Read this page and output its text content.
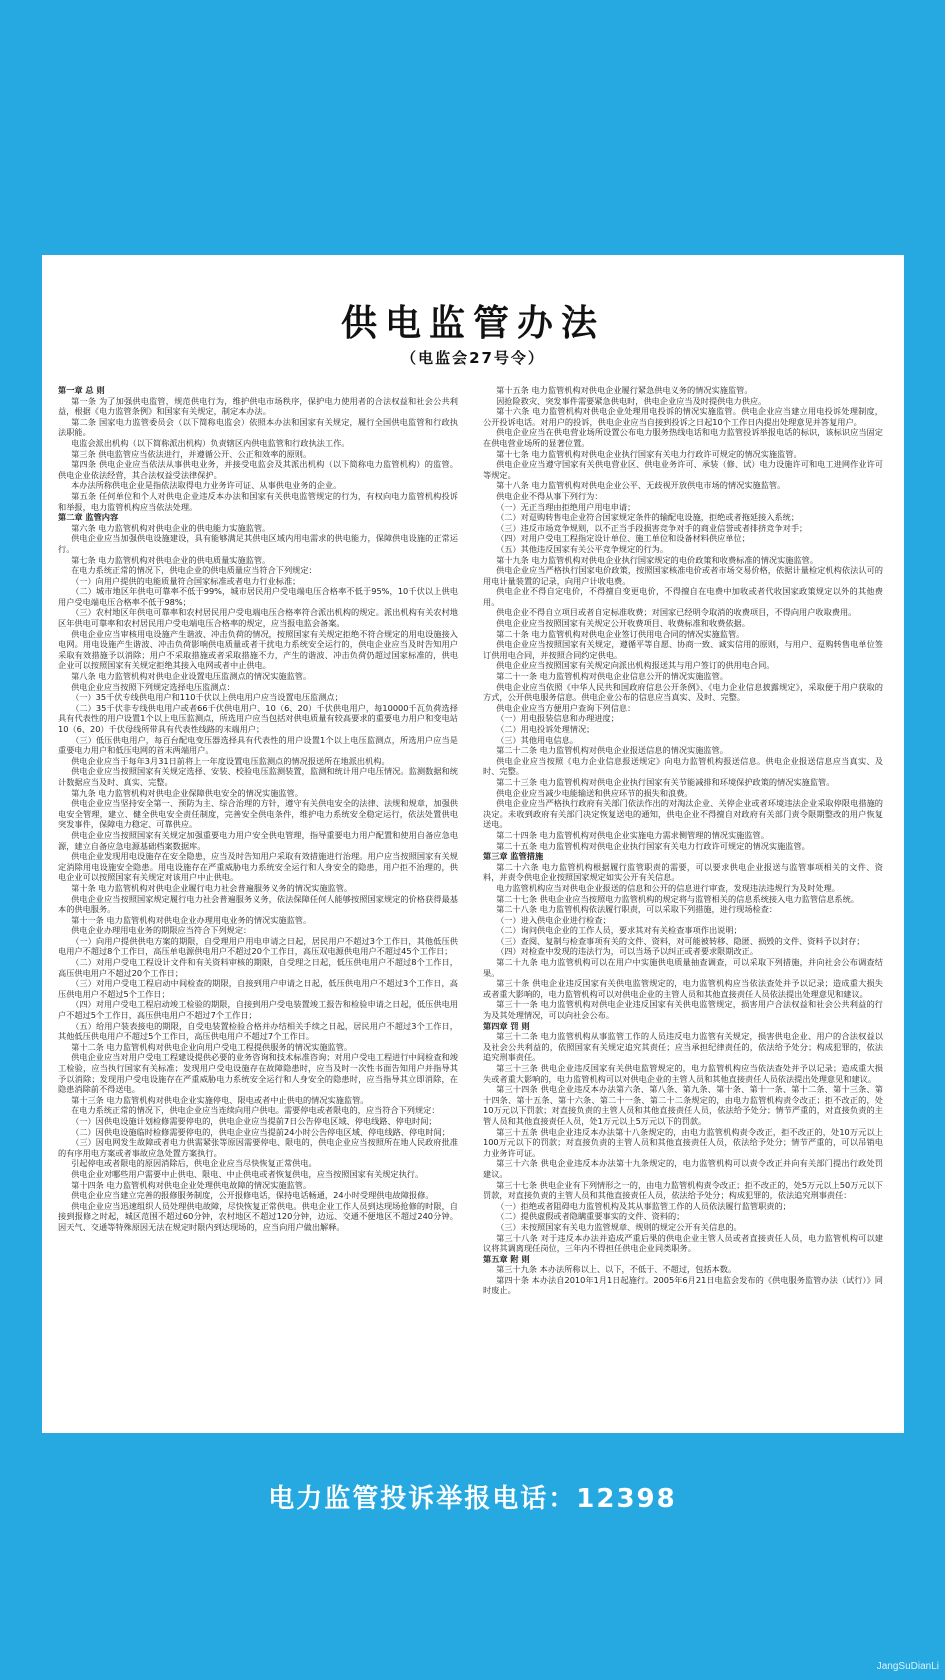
供电监管办法
（电监会27号令）

第一章 总 则

第一条 为了加强供电监管，规范供电行为，维护供电市场秩序，保护电力使用者的合法权益和社会公共利益，根据《电力监管条例》和国家有关规定，制定本办法。

第二条 国家电力监管委员会（以下简称电监会）依照本办法和国家有关规定，履行全国供电监管和行政执法职能。

电监会派出机构（以下简称派出机构）负责辖区内供电监管和行政执法工作。

第三条 供电监管应当依法进行，并遵循公开、公正和效率的原则。

第四条 供电企业应当依法从事供电业务，并接受电监会及其派出机构（以下简称电力监管机构）的监管。供电企业依法经营，其合法权益受法律保护。

本办法所称供电企业是指依法取得电力业务许可证、从事供电业务的企业。

第五条 任何单位和个人对供电企业违反本办法和国家有关供电监管规定的行为，有权向电力监管机构投诉和举报，电力监管机构应当依法处理。

第二章 监管内容

第六条 电力监管机构对供电企业的供电能力实施监管。

供电企业应当加强供电设施建设，具有能够满足其供电区域内用电需求的供电能力，保障供电设施的正常运行。

第七条 电力监管机构对供电企业的供电质量实施监管。

在电力系统正常的情况下，供电企业的供电质量应当符合下列规定：

（一）向用户提供的电能质量符合国家标准或者电力行业标准；

（二）城市地区年供电可靠率不低于99%，城市居民用户受电端电压合格率不低于95%，10千伏以上供电用户受电端电压合格率不低于98%；

（三）农村地区年供电可靠率和农村居民用户受电端电压合格率符合派出机构的规定。派出机构有关农村地区年供电可靠率和农村居民用户受电端电压合格率的规定，应当报电监会备案。

供电企业应当审核用电设施产生谐波、冲击负荷的情况，按照国家有关规定拒绝不符合规定的用电设施接入电网。用电设施产生谐波、冲击负荷影响供电质量或者干扰电力系统安全运行的，供电企业应当及时告知用户采取有效措施予以消除；用户不采取措施或者采取措施不力，产生的谐波、冲击负荷仍超过国家标准的，供电企业可以按照国家有关规定拒绝其接入电网或者中止供电。

第八条 电力监管机构对供电企业设置电压监测点的情况实施监管。

供电企业应当按照下列规定选择电压监测点：

（一）35千伏专线供电用户和110千伏以上供电用户应当设置电压监测点；

（二）35千伏非专线供电用户或者66千伏供电用户、10（6、20）千伏供电用户，每10000千瓦负荷选择具有代表性的用户设置1个以上电压监测点，所选用户应当包括对供电质量有较高要求的重要电力用户和变电站10（6、20）千伏母线所带具有代表性线路的末端用户；

（三）低压供电用户，每百台配电变压器选择具有代表性的用户设置1个以上电压监测点，所选用户应当是重要电力用户和低压电网的首末两端用户。

供电企业应当于每年3月31日前将上一年度设置电压监测点的情况报送所在地派出机构。

供电企业应当按照国家有关规定选择、安装、校验电压监测装置，监测和统计用户电压情况。监测数据和统计数据应当及时、真实、完整。

第九条 电力监管机构对供电企业保障供电安全的情况实施监管。

供电企业应当坚持安全第一、预防为主、综合治理的方针，遵守有关供电安全的法律、法规和规章，加强供电安全管理，建立、健全供电安全责任制度，完善安全供电条件，维护电力系统安全稳定运行，依法处置供电突发事件，保障电力稳定、可靠供应。

供电企业应当按照国家有关规定加强重要电力用户安全供电管理，指导重要电力用户配置和使用自备应急电源，建立自备应急电源基础档案数据库。

供电企业发现用电设施存在安全隐患，应当及时告知用户采取有效措施进行治理。用户应当按照国家有关规定消除用电设施安全隐患。用电设施存在严重威胁电力系统安全运行和人身安全的隐患，用户拒不治理的，供电企业可以按照国家有关规定对该用户中止供电。

第十条 电力监管机构对供电企业履行电力社会普遍服务义务的情况实施监管。

供电企业应当按照国家规定履行电力社会普遍服务义务，依法保障任何人能够按照国家规定的价格获得最基本的供电服务。

第十一条 电力监管机构对供电企业办理用电业务的情况实施监管。

供电企业办理用电业务的期限应当符合下列规定：

（一）向用户提供供电方案的期限，自受理用户用电申请之日起，居民用户不超过3个工作日，其他低压供电用户不超过8个工作日，高压单电源供电用户不超过20个工作日，高压双电源供电用户不超过45个工作日；

（二）对用户受电工程设计文件和有关资料审核的期限，自受理之日起，低压供电用户不超过8个工作日，高压供电用户不超过20个工作日；

（三）对用户受电工程启动中间检查的期限，自接到用户申请之日起，低压供电用户不超过3个工作日，高压供电用户不超过5个工作日；

（四）对用户受电工程启动竣工检验的期限，自接到用户受电装置竣工报告和检验申请之日起，低压供电用户不超过5个工作日，高压供电用户不超过7个工作日；

（五）给用户装表接电的期限，自受电装置检验合格并办结相关手续之日起，居民用户不超过3个工作日，其他低压供电用户不超过5个工作日，高压供电用户不超过7个工作日。

第十二条 电力监管机构对供电企业向用户受电工程提供服务的情况实施监管。

供电企业应当对用户受电工程建设提供必要的业务咨询和技术标准咨询；对用户受电工程进行中间检查和竣工检验，应当执行国家有关标准；发现用户受电设施存在故障隐患时，应当及时一次性书面告知用户并指导其予以消除；发现用户受电设施存在严重威胁电力系统安全运行和人身安全的隐患时，应当指导其立即消除，在隐患消除前不得送电。

第十三条 电力监管机构对供电企业实施停电、限电或者中止供电的情况实施监管。

在电力系统正常的情况下，供电企业应当连续向用户供电。需要停电或者限电的，应当符合下列规定：

（一）因供电设施计划检修需要停电的，供电企业应当提前7日公告停电区域、停电线路、停电时间；

（二）因供电设施临时检修需要停电的，供电企业应当提前24小时公告停电区域、停电线路、停电时间；

（三）因电网发生故障或者电力供需紧张等原因需要停电、限电的，供电企业应当按照所在地人民政府批准的有序用电方案或者事故应急处置方案执行。

引起停电或者限电的原因消除后，供电企业应当尽快恢复正常供电。

供电企业对哪些用户需要中止供电、限电、中止供电或者恢复供电，应当按照国家有关规定执行。

第十四条 电力监管机构对供电企业处理供电故障的情况实施监管。

供电企业应当建立完善的报修服务制度，公开报修电话，保持电话畅通，24小时受理供电故障报修。

供电企业应当迅速组织人员处理供电故障，尽快恢复正常供电。供电企业工作人员到达现场抢修的时限，自接到报修之时起，城区范围不超过60分钟，农村地区不超过120分钟，边远、交通不便地区不超过240分钟。因天气、交通等特殊原因无法在规定时限内到达现场的，应当向用户做出解释。

第十五条 电力监管机构对供电企业履行紧急供电义务的情况实施监管。

因抢险救灾、突发事件需要紧急供电时，供电企业应当及时提供电力供应。

第十六条 电力监管机构对供电企业处理用电投诉的情况实施监管。供电企业应当建立用电投诉处理制度，公开投诉电话。对用户的投诉，供电企业应当自接到投诉之日起10个工作日内提出处理意见并答复用户。

供电企业应当在供电营业场所设置公布电力服务热线电话和电力监管投诉举报电话的标识，该标识应当固定在供电营业场所的显著位置。

第十七条 电力监管机构对供电企业执行国家有关电力行政许可规定的情况实施监管。

供电企业应当遵守国家有关供电营业区、供电业务许可、承装（修、试）电力设施许可和电工进网作业许可等规定。

第十八条 电力监管机构对供电企业公平、无歧视开放供电市场的情况实施监管。

供电企业不得从事下列行为：

（一）无正当理由拒绝用户用电申请；

（二）对趸购转售电企业符合国家规定条件的输配电设施，拒绝或者拖延接入系统；

（三）违反市场竞争规则，以不正当手段损害竞争对手的商业信誉或者排挤竞争对手；

（四）对用户受电工程指定设计单位、施工单位和设备材料供应单位；

（五）其他违反国家有关公平竞争规定的行为。

第十九条 电力监管机构对供电企业执行国家规定的电价政策和收费标准的情况实施监管。

供电企业应当严格执行国家电价政策，按照国家核准电价或者市场交易价格，依据计量检定机构依法认可的用电计量装置的记录，向用户计收电费。

供电企业不得自定电价，不得擅自变更电价，不得擅自在电费中加收或者代收国家政策规定以外的其他费用。

供电企业不得自立项目或者自定标准收费；对国家已经明令取消的收费项目，不得向用户收取费用。

供电企业应当按照国家有关规定公开收费项目、收费标准和收费依据。

第二十条 电力监管机构对供电企业签订供用电合同的情况实施监管。

供电企业应当按照国家有关规定，遵循平等自愿、协商一致、诚实信用的原则，与用户、趸购转售电单位签订供用电合同，并按照合同约定供电。

供电企业应当按照国家有关规定向派出机构报送其与用户签订的供用电合同。

第二十一条 电力监管机构对供电企业信息公开的情况实施监管。

供电企业应当依照《中华人民共和国政府信息公开条例》、《电力企业信息披露规定》，采取便于用户获取的方式，公开供电服务信息。供电企业公布的信息应当真实、及时、完整。

供电企业应当方便用户查询下列信息：

（一）用电报装信息和办理进度；

（二）用电投诉处理情况；

（三）其他用电信息。

第二十二条 电力监管机构对供电企业报送信息的情况实施监管。

供电企业应当按照《电力企业信息报送规定》向电力监管机构报送信息。供电企业报送信息应当真实、及时、完整。

第二十三条 电力监管机构对供电企业执行国家有关节能减排和环境保护政策的情况实施监管。

供电企业应当减少电能输送和供应环节的损失和浪费。

供电企业应当严格执行政府有关部门依法作出的对淘汰企业、关停企业或者环境违法企业采取停限电措施的决定。未收到政府有关部门决定恢复送电的通知，供电企业不得擅自对政府有关部门责令限期整改的用户恢复送电。

第二十四条 电力监管机构对供电企业实施电力需求侧管理的情况实施监管。

第二十五条 电力监管机构对供电企业执行国家有关电力行政许可规定的情况实施监管。

第三章 监管措施

第二十六条 电力监管机构根据履行监管职责的需要，可以要求供电企业报送与监管事项相关的文件、资料，并责令供电企业按照国家规定如实公开有关信息。

电力监管机构应当对供电企业报送的信息和公开的信息进行审查，发现违法违规行为及时处理。

第二十七条 供电企业应当按照电力监管机构的规定将与监管相关的信息系统接入电力监管信息系统。

第二十八条 电力监管机构依法履行职责，可以采取下列措施，进行现场检查：

（一）进入供电企业进行检查；

（二）询问供电企业的工作人员，要求其对有关检查事项作出说明；

（三）查阅、复制与检查事项有关的文件、资料，对可能被转移、隐匿、损毁的文件、资料予以封存；

（四）对检查中发现的违法行为，可以当场予以纠正或者要求限期改正。

第二十九条 电力监管机构可以在用户中实施供电质量抽查调查，可以采取下列措施，并向社会公布调查结果。

第三十条 供电企业违反国家有关供电监管规定的，电力监管机构应当依法查处并予以记录；造成重大损失或者重大影响的，电力监管机构可以对供电企业的主管人员和其他直接责任人员依法提出处理意见和建议。

第三十一条 电力监管机构对供电企业违反国家有关供电监管规定，损害用户合法权益和社会公共利益的行为及其处理情况，可以向社会公布。

第四章 罚 则

第三十二条 电力监管机构从事监管工作的人员违反电力监管有关规定，损害供电企业、用户的合法权益以及社会公共利益的，依照国家有关规定追究其责任；应当承担纪律责任的，依法给予处分；构成犯罪的，依法追究刑事责任。

第三十三条 供电企业违反国家有关供电监管规定的，电力监管机构应当依法查处并予以记录；造成重大损失或者重大影响的，电力监管机构可以对供电企业的主管人员和其他直接责任人员依法提出处理意见和建议。

第三十四条 供电企业违反本办法第六条、第八条、第九条、第十条、第十一条、第十二条、第十三条、第十四条、第十五条、第十六条、第二十一条、第二十二条规定的，由电力监管机构责令改正；拒不改正的，处10万元以下罚款；对直接负责的主管人员和其他直接责任人员，依法给予处分；情节严重的，对直接负责的主管人员和其他直接责任人员，处1万元以上5万元以下的罚款。

第三十五条 供电企业违反本办法第十八条规定的，由电力监管机构责令改正，拒不改正的，处10万元以上100万元以下的罚款；对直接负责的主管人员和其他直接责任人员，依法给予处分；情节严重的，可以吊销电力业务许可证。

第三十六条 供电企业违反本办法第十九条规定的，电力监管机构可以责令改正并向有关部门提出行政处罚建议。

第三十七条 供电企业有下列情形之一的，由电力监管机构责令改正；拒不改正的，处5万元以上50万元以下罚款，对直接负责的主管人员和其他直接责任人员，依法给予处分；构成犯罪的，依法追究刑事责任：

（一）拒绝或者阻碍电力监管机构及其从事监管工作的人员依法履行监管职责的；

（二）提供虚假或者隐瞒重要事实的文件、资料的；

（三）未按照国家有关电力监管规章、规则的规定公开有关信息的。

第三十八条 对于违反本办法并造成严重后果的供电企业主管人员或者直接责任人员，电力监管机构可以建议将其调离现任岗位，三年内不得担任供电企业同类职务。

第五章 附 则

第三十九条 本办法所称以上、以下，不低于、不超过，包括本数。

第四十条 本办法自2010年1月1日起施行。2005年6月21日电监会发布的《供电服务监管办法（试行）》同时废止。

电力监管投诉举报电话：12398
JangSuDianLi
